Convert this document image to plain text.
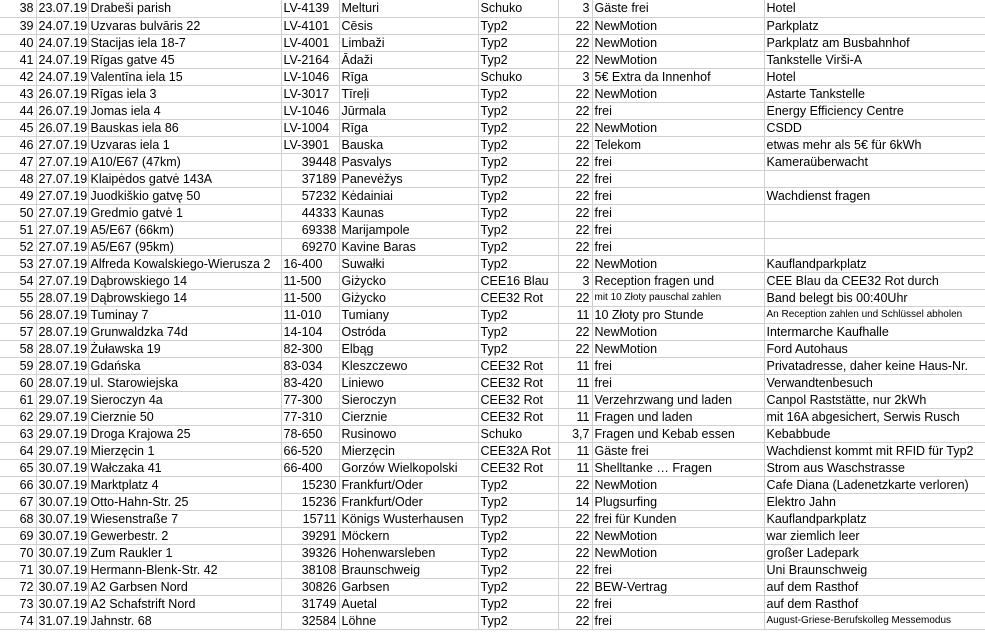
38	23.07.19	Drabeši parish	LV-4139	Melturi	Schuko	3	Gäste frei	Hotel
39	24.07.19	Uzvaras bulvāris 22	LV-4101	Cēsis	Typ2	22	NewMotion	Parkplatz
40	24.07.19	Stacijas iela 18-7	LV-4001	Limbaži	Typ2	22	NewMotion	Parkplatz am Busbahnhof
41	24.07.19	Rīgas gatve 45	LV-2164	Ādaži	Typ2	22	NewMotion	Tankstelle Virši-A
42	24.07.19	Valentīna iela 15	LV-1046	Rīga	Schuko	3	5€ Extra da Innenhof	Hotel
43	26.07.19	Rīgas iela 3	LV-3017	Tīreļi	Typ2	22	NewMotion	Astarte Tankstelle
44	26.07.19	Jomas iela 4	LV-1046	Jūrmala	Typ2	22	frei	Energy Efficiency Centre
45	26.07.19	Bauskas iela 86	LV-1004	Rīga	Typ2	22	NewMotion	CSDD
46	27.07.19	Uzvaras iela 1	LV-3901	Bauska	Typ2	22	Telekom	etwas mehr als 5€ für 6kWh
47	27.07.19	A10/E67 (47km)	39448	Pasvalys	Typ2	22	frei	Kameraüberwacht
48	27.07.19	Klaipėdos gatvė 143A	37189	Panevėžys	Typ2	22	frei	
49	27.07.19	Juodkiškio gatvę 50	57232	Kėdainiai	Typ2	22	frei	Wachdienst fragen
50	27.07.19	Gredmio gatvė 1	44333	Kaunas	Typ2	22	frei	
51	27.07.19	A5/E67 (66km)	69338	Marijampole	Typ2	22	frei	
52	27.07.19	A5/E67 (95km)	69270	Kavine Baras	Typ2	22	frei	
53	27.07.19	Alfreda Kowalskiego-Wierusza 2	16-400	Suwałki	Typ2	22	NewMotion	Kauflandparkplatz
54	27.07.19	Dąbrowskiego 14	11-500	Giżycko	CEE16 Blau	3	Reception fragen und	CEE Blau da CEE32 Rot durch
55	28.07.19	Dąbrowskiego 14	11-500	Giżycko	CEE32 Rot	22	mit 10 Złoty pauschal zahlen	Band belegt bis 00:40Uhr
56	28.07.19	Tuminay 7	11-010	Tumiany	Typ2	11	10 Złoty pro Stunde	An Reception zahlen und Schlüssel abholen
57	28.07.19	Grunwaldzka 74d	14-104	Ostróda	Typ2	22	NewMotion	Intermarche Kaufhalle
58	28.07.19	Żuławska 19	82-300	Elbąg	Typ2	22	NewMotion	Ford Autohaus
59	28.07.19	Gdańska	83-034	Kleszczewo	CEE32 Rot	11	frei	Privatadresse, daher keine Haus-Nr.
60	28.07.19	ul. Starowiejska	83-420	Liniewo	CEE32 Rot	11	frei	Verwandtenbesuch
61	29.07.19	Sieroczyn 4a	77-300	Sieroczyn	CEE32 Rot	11	Verzehrzwang und laden	Canpol Raststätte, nur 2kWh
62	29.07.19	Cierznie 50	77-310	Cierznie	CEE32 Rot	11	Fragen und laden	mit 16A abgesichert, Serwis Rusch
63	29.07.19	Droga Krajowa 25	78-650	Rusinowo	Schuko	3,7	Fragen und Kebab essen	Kebabbude
64	29.07.19	Mierzęcin 1	66-520	Mierzęcin	CEE32A Rot	11	Gäste frei	Wachdienst kommt mit RFID für Typ2
65	30.07.19	Wałczaka 41	66-400	Gorzów Wielkopolski	CEE32 Rot	11	Shelltanke … Fragen	Strom aus Waschstrasse
66	30.07.19	Marktplatz 4	15230	Frankfurt/Oder	Typ2	22	NewMotion	Cafe Diana (Ladenetzkarte verloren)
67	30.07.19	Otto-Hahn-Str. 25	15236	Frankfurt/Oder	Typ2	14	Plugsurfing	Elektro Jahn
68	30.07.19	Wiesenstraße 7	15711	Königs Wusterhausen	Typ2	22	frei für Kunden	Kauflandparkplatz
69	30.07.19	Gewerbestr. 2	39291	Möckern	Typ2	22	NewMotion	war ziemlich leer
70	30.07.19	Zum Raukler 1	39326	Hohenwarsleben	Typ2	22	NewMotion	großer Ladepark
71	30.07.19	Hermann-Blenk-Str. 42	38108	Braunschweig	Typ2	22	frei	Uni Braunschweig
72	30.07.19	A2 Garbsen Nord	30826	Garbsen	Typ2	22	BEW-Vertrag	auf dem Rasthof
73	30.07.19	A2 Schafstrift Nord	31749	Auetal	Typ2	22	frei	auf dem Rasthof
74	31.07.19	Jahnstr. 68	32584	Löhne	Typ2	22	frei	August-Griese-Berufskolleg Messemodus
